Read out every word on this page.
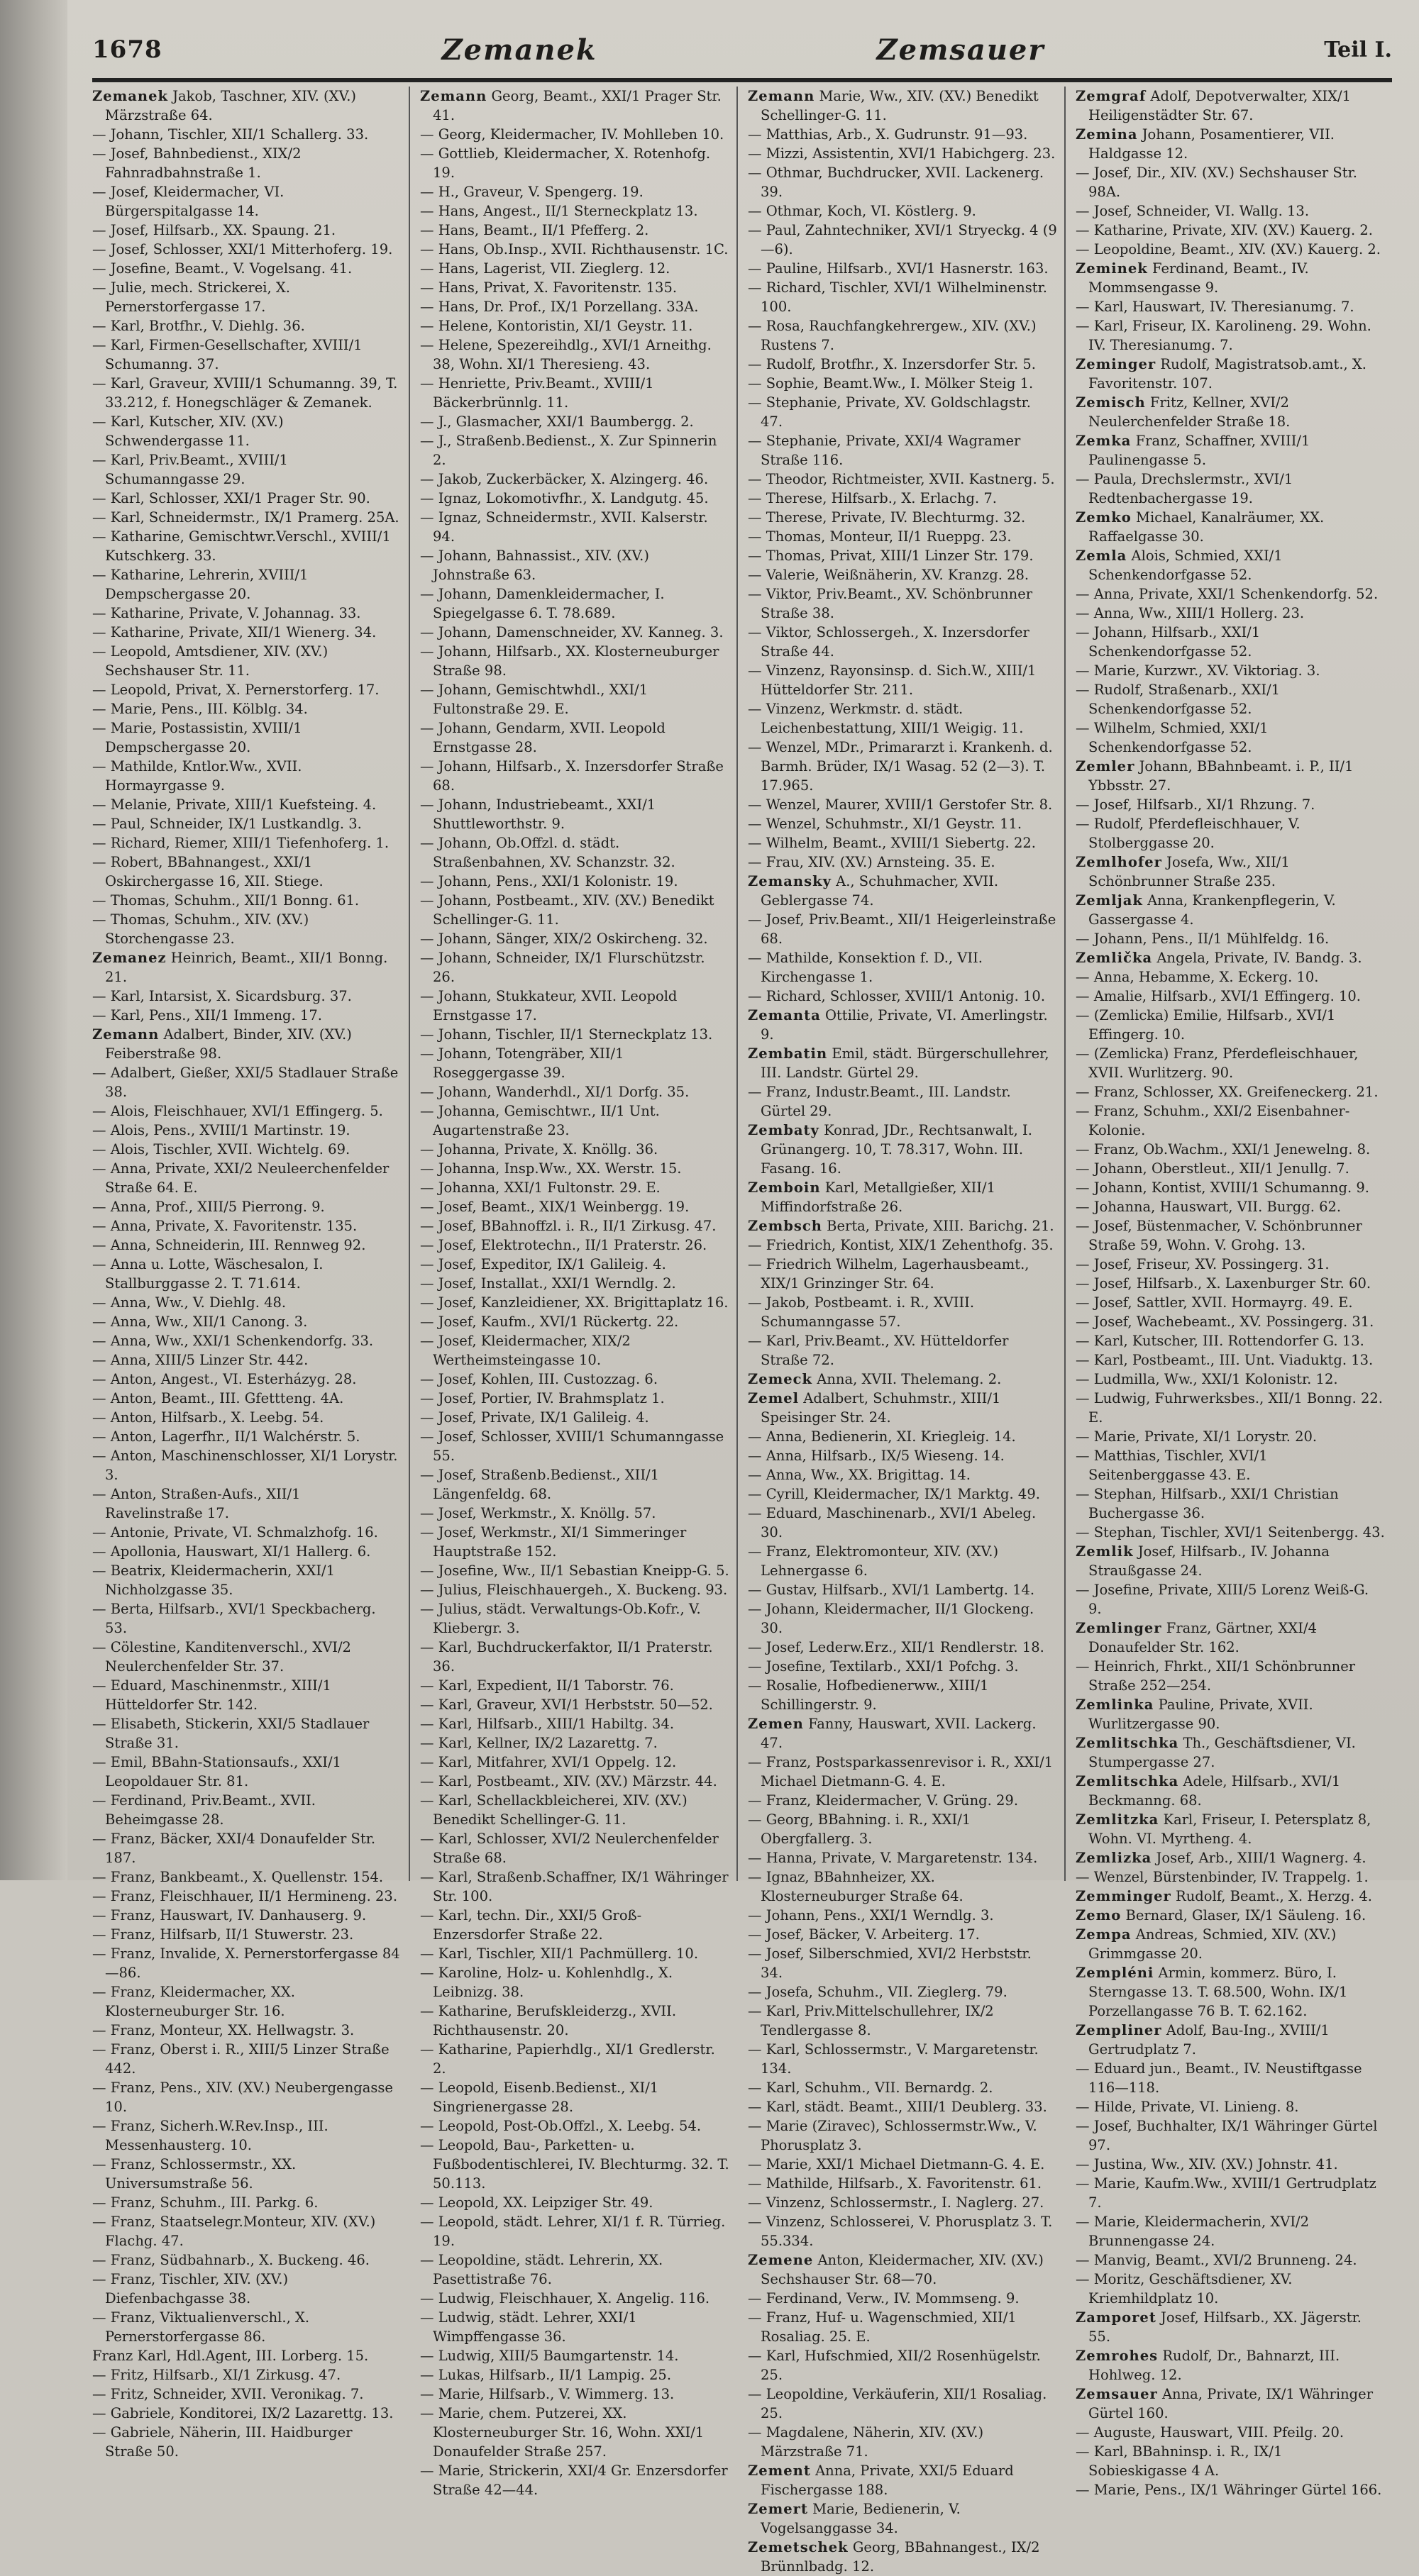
1678	Zemanek	Zemsauer	Teil I.
Zemanek Jakob, Taschner, XIV. (XV.) Märzstraße 64.
— Johann, Tischler, XII/1 Schallerg. 33.
— Josef, Bahnbedienst., XIX/2 Fahnradbahnstraße 1.
— Josef, Kleidermacher, VI. Bürgerspitalgasse 14.
— Josef, Hilfsarb., XX. Spaung. 21.
— Josef, Schlosser, XXI/1 Mitterhoferg. 19.
— Josefine, Beamt., V. Vogelsang. 41.
— Julie, mech. Strickerei, X. Pernerstorfergasse 17.
— Karl, Brotfhr., V. Diehlg. 36.
— Karl, Firmen-Gesellschafter, XVIII/1 Schumanng. 37.
— Karl, Graveur, XVIII/1 Schumanng. 39, T. 33.212, f. Honegschläger & Zemanek.
— Karl, Kutscher, XIV. (XV.) Schwendergasse 11.
— Karl, Priv.Beamt., XVIII/1 Schumanngasse 29.
— Karl, Schlosser, XXI/1 Prager Str. 90.
— Karl, Schneidermstr., IX/1 Pramerg. 25A.
— Katharine, Gemischtwr.Verschl., XVIII/1 Kutschkerg. 33.
— Katharine, Lehrerin, XVIII/1 Dempschergasse 20.
— Katharine, Private, V. Johannag. 33.
— Katharine, Private, XII/1 Wienerg. 34.
— Leopold, Amtsdiener, XIV. (XV.) Sechshauser Str. 11.
— Leopold, Privat, X. Pernerstorferg. 17.
— Marie, Pens., III. Kölblg. 34.
— Marie, Postassistin, XVIII/1 Dempschergasse 20.
— Mathilde, Kntlor.Ww., XVII. Hormayrgasse 9.
— Melanie, Private, XIII/1 Kuefsteing. 4.
— Paul, Schneider, IX/1 Lustkandlg. 3.
— Richard, Riemer, XIII/1 Tiefenhoferg. 1.
— Robert, BBahnangest., XXI/1 Oskirchergasse 16, XII. Stiege.
— Thomas, Schuhm., XII/1 Bonng. 61.
— Thomas, Schuhm., XIV. (XV.) Storchengasse 23.
Zemanez Heinrich, Beamt., XII/1 Bonng. 21.
— Karl, Intarsist, X. Sicardsburg. 37.
— Karl, Pens., XII/1 Immeng. 17.
Zemann Adalbert, Binder, XIV. (XV.) Feiberstraße 98.
— Adalbert, Gießer, XXI/5 Stadlauer Straße 38.
— Alois, Fleischhauer, XVI/1 Effingerg. 5.
— Alois, Pens., XVIII/1 Martinstr. 19.
— Alois, Tischler, XVII. Wichtelg. 69.
— Anna, Private, XXI/2 Neuleerchenfelder Straße 64. E.
— Anna, Prof., XIII/5 Pierrong. 9.
— Anna, Private, X. Favoritenstr. 135.
— Anna, Schneiderin, III. Rennweg 92.
— Anna u. Lotte, Wäschesalon, I. Stallburggasse 2. T. 71.614.
— Anna, Ww., V. Diehlg. 48.
— Anna, Ww., XII/1 Canong. 3.
— Anna, Ww., XXI/1 Schenkendorfg. 33.
— Anna, XIII/5 Linzer Str. 442.
— Anton, Angest., VI. Esterházyg. 28.
— Anton, Beamt., III. Gfettteng. 4A.
— Anton, Hilfsarb., X. Leebg. 54.
— Anton, Lagerfhr., II/1 Walchérstr. 5.
— Anton, Maschinenschlosser, XI/1 Lorystr. 3.
— Anton, Straßen-Aufs., XII/1 Ravelinstraße 17.
— Antonie, Private, VI. Schmalzhofg. 16.
— Apollonia, Hauswart, XI/1 Hallerg. 6.
— Beatrix, Kleidermacherin, XXI/1 Nichholzgasse 35.
— Berta, Hilfsarb., XVI/1 Speckbacherg. 53.
— Cölestine, Kanditenverschl., XVI/2 Neulerchenfelder Str. 37.
— Eduard, Maschinenmstr., XIII/1 Hütteldorfer Str. 142.
— Elisabeth, Stickerin, XXI/5 Stadlauer Straße 31.
— Emil, BBahn-Stationsaufs., XXI/1 Leopoldauer Str. 81.
— Ferdinand, Priv.Beamt., XVII. Beheimgasse 28.
— Franz, Bäcker, XXI/4 Donaufelder Str. 187.
— Franz, Bankbeamt., X. Quellenstr. 154.
— Franz, Fleischhauer, II/1 Hermineng. 23.
— Franz, Hauswart, IV. Danhauserg. 9.
— Franz, Hilfsarb, II/1 Stuwerstr. 23.
— Franz, Invalide, X. Pernerstorfergasse 84—86.
— Franz, Kleidermacher, XX. Klosterneuburger Str. 16.
— Franz, Monteur, XX. Hellwagstr. 3.
— Franz, Oberst i. R., XIII/5 Linzer Straße 442.
— Franz, Pens., XIV. (XV.) Neubergengasse 10.
— Franz, Sicherh.W.Rev.Insp., III. Messenhausterg. 10.
— Franz, Schlossermstr., XX. Universumstraße 56.
— Franz, Schuhm., III. Parkg. 6.
— Franz, Staatselegr.Monteur, XIV. (XV.) Flachg. 47.
— Franz, Südbahnarb., X. Buckeng. 46.
— Franz, Tischler, XIV. (XV.) Diefenbachgasse 38.
— Franz, Viktualienverschl., X. Pernerstorfergasse 86.
Franz Karl, Hdl.Agent, III. Lorberg. 15.
— Fritz, Hilfsarb., XI/1 Zirkusg. 47.
— Fritz, Schneider, XVII. Veronikag. 7.
— Gabriele, Konditorei, IX/2 Lazarettg. 13.
— Gabriele, Näherin, III. Haidburger Straße 50.
Zemann Georg, Beamt., XXI/1 Prager Str. 41.
— Georg, Kleidermacher, IV. Mohlleben 10.
— Gottlieb, Kleidermacher, X. Rotenhofg. 19.
— H., Graveur, V. Spengerg. 19.
— Hans, Angest., II/1 Sterneckplatz 13.
— Hans, Beamt., II/1 Pfefferg. 2.
— Hans, Ob.Insp., XVII. Richthausenstr. 1C.
— Hans, Lagerist, VII. Zieglerg. 12.
— Hans, Privat, X. Favoritenstr. 135.
— Hans, Dr. Prof., IX/1 Porzellang. 33A.
— Helene, Kontoristin, XI/1 Geystr. 11.
— Helene, Spezereihdlg., XVI/1 Arneithg. 38, Wohn. XI/1 Theresieng. 43.
— Henriette, Priv.Beamt., XVIII/1 Bäckerbrünnlg. 11.
— J., Glasmacher, XXI/1 Baumbergg. 2.
— J., Straßenb.Bedienst., X. Zur Spinnerin 2.
— Jakob, Zuckerbäcker, X. Alzingerg. 46.
— Ignaz, Lokomotivfhr., X. Landgutg. 45.
— Ignaz, Schneidermstr., XVII. Kalserstr. 94.
— Johann, Bahnassist., XIV. (XV.) Johnstraße 63.
— Johann, Damenkleidermacher, I. Spiegelgasse 6. T. 78.689.
— Johann, Damenschneider, XV. Kanneg. 3.
— Johann, Hilfsarb., XX. Klosterneuburger Straße 98.
— Johann, Gemischtwhdl., XXI/1 Fultonstraße 29. E.
— Johann, Gendarm, XVII. Leopold Ernstgasse 28.
— Johann, Hilfsarb., X. Inzersdorfer Straße 68.
— Johann, Industriebeamt., XXI/1 Shuttleworthstr. 9.
— Johann, Ob.Offzl. d. städt. Straßenbahnen, XV. Schanzstr. 32.
— Johann, Pens., XXI/1 Kolonistr. 19.
— Johann, Postbeamt., XIV. (XV.) Benedikt Schellinger-G. 11.
— Johann, Sänger, XIX/2 Oskircheng. 32.
— Johann, Schneider, IX/1 Flurschützstr. 26.
— Johann, Stukkateur, XVII. Leopold Ernstgasse 17.
— Johann, Tischler, II/1 Sterneckplatz 13.
— Johann, Totengräber, XII/1 Roseggergasse 39.
— Johann, Wanderhdl., XI/1 Dorfg. 35.
— Johanna, Gemischtwr., II/1 Unt. Augartenstraße 23.
— Johanna, Private, X. Knöllg. 36.
— Johanna, Insp.Ww., XX. Werstr. 15.
— Johanna, XXI/1 Fultonstr. 29. E.
— Josef, Beamt., XIX/1 Weinbergg. 19.
— Josef, BBahnoffzl. i. R., II/1 Zirkusg. 47.
— Josef, Elektrotechn., II/1 Praterstr. 26.
— Josef, Expeditor, IX/1 Galileig. 4.
— Josef, Installat., XXI/1 Werndlg. 2.
— Josef, Kanzleidiener, XX. Brigittaplatz 16.
— Josef, Kaufm., XVI/1 Rückertg. 22.
— Josef, Kleidermacher, XIX/2 Wertheimsteingasse 10.
— Josef, Kohlen, III. Custozzag. 6.
— Josef, Portier, IV. Brahmsplatz 1.
— Josef, Private, IX/1 Galileig. 4.
— Josef, Schlosser, XVIII/1 Schumanngasse 55.
— Josef, Straßenb.Bedienst., XII/1 Längenfeldg. 68.
— Josef, Werkmstr., X. Knöllg. 57.
— Josef, Werkmstr., XI/1 Simmeringer Hauptstraße 152.
— Josefine, Ww., II/1 Sebastian Kneipp-G. 5.
— Julius, Fleischhauergeh., X. Buckeng. 93.
— Julius, städt. Verwaltungs-Ob.Kofr., V. Kliebergr. 3.
— Karl, Buchdruckerfaktor, II/1 Praterstr. 36.
— Karl, Expedient, II/1 Taborstr. 76.
— Karl, Graveur, XVI/1 Herbststr. 50—52.
— Karl, Hilfsarb., XIII/1 Habiltg. 34.
— Karl, Kellner, IX/2 Lazarettg. 7.
— Karl, Mitfahrer, XVI/1 Oppelg. 12.
— Karl, Postbeamt., XIV. (XV.) Märzstr. 44.
— Karl, Schellackbleicherei, XIV. (XV.) Benedikt Schellinger-G. 11.
— Karl, Schlosser, XVI/2 Neulerchenfelder Straße 68.
— Karl, Straßenb.Schaffner, IX/1 Währinger Str. 100.
— Karl, techn. Dir., XXI/5 Groß-Enzersdorfer Straße 22.
— Karl, Tischler, XII/1 Pachmüllerg. 10.
— Karoline, Holz- u. Kohlenhdlg., X. Leibnizg. 38.
— Katharine, Berufskleiderzg., XVII. Richthausenstr. 20.
— Katharine, Papierhdlg., XI/1 Gredlerstr. 2.
— Leopold, Eisenb.Bedienst., XI/1 Singrienergasse 28.
— Leopold, Post-Ob.Offzl., X. Leebg. 54.
— Leopold, Bau-, Parketten- u. Fußbodentischlerei, IV. Blechturmg. 32. T. 50.113.
— Leopold, XX. Leipziger Str. 49.
— Leopold, städt. Lehrer, XI/1 f. R. Türrieg. 19.
— Leopoldine, städt. Lehrerin, XX. Pasettistraße 76.
— Ludwig, Fleischhauer, X. Angelig. 116.
— Ludwig, städt. Lehrer, XXI/1 Wimpffengasse 36.
— Ludwig, XIII/5 Baumgartenstr. 14.
— Lukas, Hilfsarb., II/1 Lampig. 25.
— Marie, Hilfsarb., V. Wimmerg. 13.
— Marie, chem. Putzerei, XX. Klosterneuburger Str. 16, Wohn. XXI/1 Donaufelder Straße 257.
— Marie, Strickerin, XXI/4 Gr. Enzersdorfer Straße 42—44.
Zemann Marie, Ww., XIV. (XV.) Benedikt Schellinger-G. 11.
— Matthias, Arb., X. Gudrunstr. 91—93.
— Mizzi, Assistentin, XVI/1 Habichgerg. 23.
— Othmar, Buchdrucker, XVII. Lackenerg. 39.
— Othmar, Koch, VI. Köstlerg. 9.
— Paul, Zahntechniker, XVI/1 Stryeckg. 4 (9—6).
— Pauline, Hilfsarb., XVI/1 Hasnerstr. 163.
— Richard, Tischler, XVI/1 Wilhelminenstr. 100.
— Rosa, Rauchfangkehrergew., XIV. (XV.) Rustens 7.
— Rudolf, Brotfhr., X. Inzersdorfer Str. 5.
— Sophie, Beamt.Ww., I. Mölker Steig 1.
— Stephanie, Private, XV. Goldschlagstr. 47.
— Stephanie, Private, XXI/4 Wagramer Straße 116.
— Theodor, Richtmeister, XVII. Kastnerg. 5.
— Therese, Hilfsarb., X. Erlachg. 7.
— Therese, Private, IV. Blechturmg. 32.
— Thomas, Monteur, II/1 Rueppg. 23.
— Thomas, Privat, XIII/1 Linzer Str. 179.
— Valerie, Weißnäherin, XV. Kranzg. 28.
— Viktor, Priv.Beamt., XV. Schönbrunner Straße 38.
— Viktor, Schlossergeh., X. Inzersdorfer Straße 44.
— Vinzenz, Rayonsinsp. d. Sich.W., XIII/1 Hütteldorfer Str. 211.
— Vinzenz, Werkmstr. d. städt. Leichenbestattung, XIII/1 Weigig. 11.
— Wenzel, MDr., Primararzt i. Krankenh. d. Barmh. Brüder, IX/1 Wasag. 52 (2—3). T. 17.965.
— Wenzel, Maurer, XVIII/1 Gerstofer Str. 8.
— Wenzel, Schuhmstr., XI/1 Geystr. 11.
— Wilhelm, Beamt., XVIII/1 Siebertg. 22.
— Frau, XIV. (XV.) Arnsteing. 35. E.
Zemansky A., Schuhmacher, XVII. Geblergasse 74.
— Josef, Priv.Beamt., XII/1 Heigerleinstraße 68.
— Mathilde, Konsektion f. D., VII. Kirchengasse 1.
— Richard, Schlosser, XVIII/1 Antonig. 10.
Zemanta Ottilie, Private, VI. Amerlingstr. 9.
Zembatin Emil, städt. Bürgerschullehrer, III. Landstr. Gürtel 29.
— Franz, Industr.Beamt., III. Landstr. Gürtel 29.
Zembaty Konrad, JDr., Rechtsanwalt, I. Grünangerg. 10, T. 78.317, Wohn. III. Fasang. 16.
Zemboin Karl, Metallgießer, XII/1 Miffindorfstraße 26.
Zembsch Berta, Private, XIII. Barichg. 21.
— Friedrich, Kontist, XIX/1 Zehenthofg. 35.
— Friedrich Wilhelm, Lagerhausbeamt., XIX/1 Grinzinger Str. 64.
— Jakob, Postbeamt. i. R., XVIII. Schumanngasse 57.
— Karl, Priv.Beamt., XV. Hütteldorfer Straße 72.
Zemeck Anna, XVII. Thelemang. 2.
Zemel Adalbert, Schuhmstr., XIII/1 Speisinger Str. 24.
— Anna, Bedienerin, XI. Kriegleig. 14.
— Anna, Hilfsarb., IX/5 Wieseng. 14.
— Anna, Ww., XX. Brigittag. 14.
— Cyrill, Kleidermacher, IX/1 Marktg. 49.
— Eduard, Maschinenarb., XVI/1 Abeleg. 30.
— Franz, Elektromonteur, XIV. (XV.) Lehnergasse 6.
— Gustav, Hilfsarb., XVI/1 Lambertg. 14.
— Johann, Kleidermacher, II/1 Glockeng. 30.
— Josef, Lederw.Erz., XII/1 Rendlerstr. 18.
— Josefine, Textilarb., XXI/1 Pofchg. 3.
— Rosalie, Hofbedienerww., XIII/1 Schillingerstr. 9.
Zemen Fanny, Hauswart, XVII. Lackerg. 47.
— Franz, Postsparkassenrevisor i. R., XXI/1 Michael Dietmann-G. 4. E.
— Franz, Kleidermacher, V. Grüng. 29.
— Georg, BBahning. i. R., XXI/1 Obergfallerg. 3.
— Hanna, Private, V. Margaretenstr. 134.
— Ignaz, BBahnheizer, XX. Klosterneuburger Straße 64.
— Johann, Pens., XXI/1 Werndlg. 3.
— Josef, Bäcker, V. Arbeiterg. 17.
— Josef, Silberschmied, XVI/2 Herbststr. 34.
— Josefa, Schuhm., VII. Zieglerg. 79.
— Karl, Priv.Mittelschullehrer, IX/2 Tendlergasse 8.
— Karl, Schlossermstr., V. Margaretenstr. 134.
— Karl, Schuhm., VII. Bernardg. 2.
— Karl, städt. Beamt., XIII/1 Deublerg. 33.
— Marie (Ziravec), Schlossermstr.Ww., V. Phorusplatz 3.
— Marie, XXI/1 Michael Dietmann-G. 4. E.
— Mathilde, Hilfsarb., X. Favoritenstr. 61.
— Vinzenz, Schlossermstr., I. Naglerg. 27.
— Vinzenz, Schlosserei, V. Phorusplatz 3. T. 55.334.
Zemene Anton, Kleidermacher, XIV. (XV.) Sechshauser Str. 68—70.
— Ferdinand, Verw., IV. Mommseng. 9.
— Franz, Huf- u. Wagenschmied, XII/1 Rosaliag. 25. E.
— Karl, Hufschmied, XII/2 Rosenhügelstr. 25.
— Leopoldine, Verkäuferin, XII/1 Rosaliag. 25.
— Magdalene, Näherin, XIV. (XV.) Märzstraße 71.
Zement Anna, Private, XXI/5 Eduard Fischergasse 188.
Zemert Marie, Bedienerin, V. Vogelsanggasse 34.
Zemetschek Georg, BBahnangest., IX/2 Brünnlbadg. 12.
Zemgraf Adolf, Depotverwalter, XIX/1 Heiligenstädter Str. 67.
Zemina Johann, Posamentierer, VII. Haldgasse 12.
— Josef, Dir., XIV. (XV.) Sechshauser Str. 98A.
— Josef, Schneider, VI. Wallg. 13.
— Katharine, Private, XIV. (XV.) Kauerg. 2.
— Leopoldine, Beamt., XIV. (XV.) Kauerg. 2.
Zeminek Ferdinand, Beamt., IV. Mommsengasse 9.
— Karl, Hauswart, IV. Theresianumg. 7.
— Karl, Friseur, IX. Karolineng. 29. Wohn. IV. Theresianumg. 7.
Zeminger Rudolf, Magistratsob.amt., X. Favoritenstr. 107.
Zemisch Fritz, Kellner, XVI/2 Neulerchenfelder Straße 18.
Zemka Franz, Schaffner, XVIII/1 Paulinengasse 5.
— Paula, Drechslermstr., XVI/1 Redtenbachergasse 19.
Zemko Michael, Kanalräumer, XX. Raffaelgasse 30.
Zemla Alois, Schmied, XXI/1 Schenkendorfgasse 52.
— Anna, Private, XXI/1 Schenkendorfg. 52.
— Anna, Ww., XIII/1 Hollerg. 23.
— Johann, Hilfsarb., XXI/1 Schenkendorfgasse 52.
— Marie, Kurzwr., XV. Viktoriag. 3.
— Rudolf, Straßenarb., XXI/1 Schenkendorfgasse 52.
— Wilhelm, Schmied, XXI/1 Schenkendorfgasse 52.
Zemler Johann, BBahnbeamt. i. P., II/1 Ybbsstr. 27.
— Josef, Hilfsarb., XI/1 Rhzung. 7.
— Rudolf, Pferdefleischhauer, V. Stolberggasse 20.
Zemlhofer Josefa, Ww., XII/1 Schönbrunner Straße 235.
Zemljak Anna, Krankenpflegerin, V. Gassergasse 4.
— Johann, Pens., II/1 Mühlfeldg. 16.
Zemlička Angela, Private, IV. Bandg. 3.
— Anna, Hebamme, X. Eckerg. 10.
— Amalie, Hilfsarb., XVI/1 Effingerg. 10.
— (Zemlicka) Emilie, Hilfsarb., XVI/1 Effingerg. 10.
— (Zemlicka) Franz, Pferdefleischhauer, XVII. Wurlitzerg. 90.
— Franz, Schlosser, XX. Greifeneckerg. 21.
— Franz, Schuhm., XXI/2 Eisenbahner-Kolonie.
— Franz, Ob.Wachm., XXI/1 Jenewelng. 8.
— Johann, Oberstleut., XII/1 Jenullg. 7.
— Johann, Kontist, XVIII/1 Schumanng. 9.
— Johanna, Hauswart, VII. Burgg. 62.
— Josef, Büstenmacher, V. Schönbrunner Straße 59, Wohn. V. Grohg. 13.
— Josef, Friseur, XV. Possingerg. 31.
— Josef, Hilfsarb., X. Laxenburger Str. 60.
— Josef, Sattler, XVII. Hormayrg. 49. E.
— Josef, Wachebeamt., XV. Possingerg. 31.
— Karl, Kutscher, III. Rottendorfer G. 13.
— Karl, Postbeamt., III. Unt. Viaduktg. 13.
— Ludmilla, Ww., XXI/1 Kolonistr. 12.
— Ludwig, Fuhrwerksbes., XII/1 Bonng. 22. E.
— Marie, Private, XI/1 Lorystr. 20.
— Matthias, Tischler, XVI/1 Seitenberggasse 43. E.
— Stephan, Hilfsarb., XXI/1 Christian Buchergasse 36.
— Stephan, Tischler, XVI/1 Seitenbergg. 43.
Zemlik Josef, Hilfsarb., IV. Johanna Straußgasse 24.
— Josefine, Private, XIII/5 Lorenz Weiß-G. 9.
Zemlinger Franz, Gärtner, XXI/4 Donaufelder Str. 162.
— Heinrich, Fhrkt., XII/1 Schönbrunner Straße 252—254.
Zemlinka Pauline, Private, XVII. Wurlitzergasse 90.
Zemlitschka Th., Geschäftsdiener, VI. Stumpergasse 27.
Zemlitschka Adele, Hilfsarb., XVI/1 Beckmanng. 68.
Zemlitzka Karl, Friseur, I. Petersplatz 8, Wohn. VI. Myrtheng. 4.
Zemlizka Josef, Arb., XIII/1 Wagnerg. 4.
— Wenzel, Bürstenbinder, IV. Trappelg. 1.
Zemminger Rudolf, Beamt., X. Herzg. 4.
Zemo Bernard, Glaser, IX/1 Säuleng. 16.
Zempa Andreas, Schmied, XIV. (XV.) Grimmgasse 20.
Zempléni Armin, kommerz. Büro, I. Sterngasse 13. T. 68.500, Wohn. IX/1 Porzellangasse 76 B. T. 62.162.
Zempliner Adolf, Bau-Ing., XVIII/1 Gertrudplatz 7.
— Eduard jun., Beamt., IV. Neustiftgasse 116—118.
— Hilde, Private, VI. Linieng. 8.
— Josef, Buchhalter, IX/1 Währinger Gürtel 97.
— Justina, Ww., XIV. (XV.) Johnstr. 41.
— Marie, Kaufm.Ww., XVIII/1 Gertrudplatz 7.
— Marie, Kleidermacherin, XVI/2 Brunnengasse 24.
— Manvig, Beamt., XVI/2 Brunneng. 24.
— Moritz, Geschäftsdiener, XV. Kriemhildplatz 10.
Zamporet Josef, Hilfsarb., XX. Jägerstr. 55.
Zemrohes Rudolf, Dr., Bahnarzt, III. Hohlweg. 12.
Zemsauer Anna, Private, IX/1 Währinger Gürtel 160.
— Auguste, Hauswart, VIII. Pfeilg. 20.
— Karl, BBahninsp. i. R., IX/1 Sobieskigasse 4 A.
— Marie, Pens., IX/1 Währinger Gürtel 166.
